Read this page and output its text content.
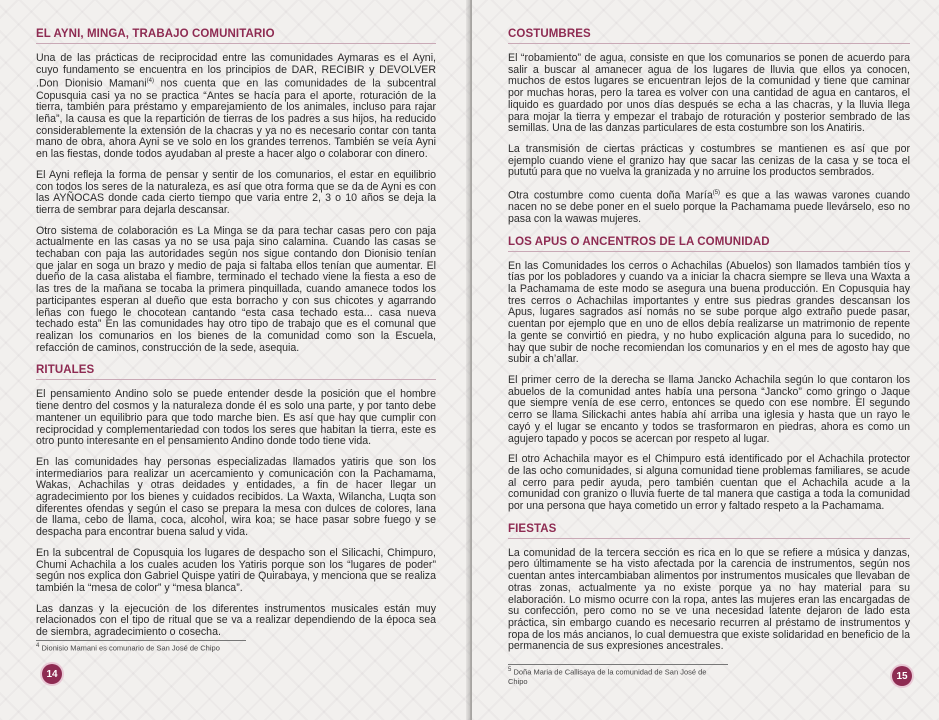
EL AYNI, MINGA, TRABAJO COMUNITARIO

Una de las prácticas de reciprocidad entre las comunidades Aymaras es el Ayni, cuyo fundamento se encuentra en los principios de DAR, RECIBIR y DEVOLVER .Don Dionisio Mamani$^{(4)}$ nos cuenta que en las comunidades de la subcentral Copusquia casi ya no se practica “Antes se hacía para el aporte, roturación de la tierra, también para préstamo y emparejamiento de los animales, incluso para rajar leña”, la causa es que la repartición de tierras de los padres a sus hijos, ha reducido considerablemente la extensión de la chacras y ya no es necesario contar con tanta mano de obra, ahora Ayni se ve solo en los grandes terrenos. También se veía Ayni en las fiestas, donde todos ayudaban al preste a hacer algo o colaborar con dinero.

El Ayni refleja la forma de pensar y sentir de los comunarios, el estar en equilibrio con todos los seres de la naturaleza, es así que otra forma que se da de Ayni es con las AYÑOCAS donde cada cierto tiempo que varia entre 2, 3 o 10 años se deja la tierra de sembrar para dejarla descansar.

Otro sistema de colaboración es La Minga se da para techar casas pero con paja actualmente en las casas ya no se usa paja sino calamina. Cuando las casas se techaban con paja las autoridades según nos sigue contando don Dionisio tenían que jalar en soga un brazo y medio de paja si faltaba ellos tenían que aumentar. El dueño de la casa alistaba el fiambre, terminado el techado viene la fiesta a eso de las tres de la mañana se tocaba la primera pinquillada, cuando amanece todos los participantes esperan al dueño que esta borracho y con sus chicotes y agarrando leñas con fuego le chocotean cantando “esta casa techado esta... casa nueva techado esta” En las comunidades hay otro tipo de trabajo que es el comunal que realizan los comunarios en los bienes de la comunidad como son la Escuela, refacción de caminos, construcción de la sede, asequia.

RITUALES

El pensamiento Andino solo se puede entender desde la posición que el hombre tiene dentro del cosmos y la naturaleza donde él es solo una parte, y por tanto debe mantener un equilibrio para que todo marche bien. Es así que hay que cumplir con reciprocidad y complementariedad con todos los seres que habitan la tierra, este es otro punto interesante en el pensamiento Andino donde todo tiene vida.

En las comunidades hay personas especializadas llamados yatiris que son los intermediarios para realizar un acercamiento y comunicación con la Pachamama, Wakas, Achachilas y otras deidades y entidades, a fin de hacer llegar un agradecimiento por los bienes y cuidados recibidos. La Waxta, Wilancha, Luqta son diferentes ofendas y según el caso se prepara la mesa con dulces de colores, lana de llama, cebo de llama, coca, alcohol, wira koa; se hace pasar sobre fuego y se despacha para encontrar buena salud y vida.

En la subcentral de Copusquia los lugares de despacho son el Silicachi, Chimpuro, Chumi Achachila a los cuales acuden los Yatiris porque son los “lugares de poder” según nos explica don Gabriel Quispe yatiri de Quirabaya, y menciona que se realiza también la “mesa de color” y “mesa blanca”.

Las danzas y la ejecución de los diferentes instrumentos musicales están muy relacionados con el tipo de ritual que se va a realizar dependiendo de la época sea de siembra, agradecimiento o cosecha.

$^4$ Dionisio Mamani es comunario de San José de Chipo
14
COSTUMBRES

El “robamiento” de agua, consiste en que los comunarios se ponen de acuerdo para salir a buscar al amanecer agua de los lugares de lluvia que ellos ya conocen, muchos de estos lugares se encuentran lejos de la comunidad y tiene que caminar por muchas horas, pero la tarea es volver con una cantidad de agua en cantaros, el liquido es guardado por unos días después se echa a las chacras, y la lluvia llega para mojar la tierra y empezar el trabajo de roturación y posterior sembrado de las semillas. Una de las danzas particulares de esta costumbre son los Anatiris.

La transmisión de ciertas prácticas y costumbres se mantienen es así que por ejemplo cuando viene el granizo hay que sacar las cenizas de la casa y se toca el pututú para que no vuelva la granizada y no arruine los productos sembrados.

Otra costumbre como cuenta doña María$^{(5)}$ es que a las wawas varones cuando nacen no se debe poner en el suelo porque la Pachamama puede llevárselo, eso no pasa con la wawas mujeres.

LOS APUS O ANCENTROS DE LA COMUNIDAD

En las Comunidades los cerros o Achachilas (Abuelos) son llamados también tíos y tías por los pobladores y cuando va a iniciar la chacra siempre se lleva una Waxta a la Pachamama de este modo se asegura una buena producción. En Copusquia hay tres cerros o Achachilas importantes y entre sus piedras grandes descansan los Apus, lugares sagrados así nomás no se sube porque algo extraño puede pasar, cuentan por ejemplo que en uno de ellos debía realizarse un matrimonio de repente la gente se convirtió en piedra, y no hubo explicación alguna para lo sucedido, no hay que subir de noche recomiendan los comunarios y en el mes de agosto hay que subir a ch’allar.

El primer cerro de la derecha se llama Jancko Achachila según lo que contaron los abuelos de la comunidad antes había una persona “Jancko” como gringo o Jaque que siempre venía de ese cerro, entonces se quedo con ese nombre. El segundo cerro se llama Silickachi antes había ahí arriba una iglesia y hasta que un rayo le cayó y el lugar se encanto y todos se trasformaron en piedras, ahora es como un agujero tapado y pocos se acercan por respeto al lugar.

El otro Achachila mayor es el Chimpuro está identificado por el Achachila protector de las ocho comunidades, si alguna comunidad tiene problemas familiares, se acude al cerro para pedir ayuda, pero también cuentan que el Achachila acude a la comunidad con granizo o lluvia fuerte de tal manera que castiga a toda la comunidad por una persona que haya cometido un error y faltado respeto a la Pachamama.

FIESTAS

La comunidad de la tercera sección es rica en lo que se refiere a música y danzas, pero últimamente se ha visto afectada por la carencia de instrumentos, según nos cuentan antes intercambiaban alimentos por instrumentos musicales que llevaban de otras zonas, actualmente ya no existe porque ya no hay material para su elaboración. Lo mismo ocurre con la ropa, antes las mujeres eran las encargadas de su confección, pero como no se ve una necesidad latente dejaron de lado esta práctica, sin embargo cuando es necesario recurren al préstamo de instrumentos y ropa de los más ancianos, lo cual demuestra que existe solidaridad en beneficio de la permanencia de sus expresiones ancestrales.

$^5$ Doña Maria de Callisaya de la comunidad de San José de Chipo	15
